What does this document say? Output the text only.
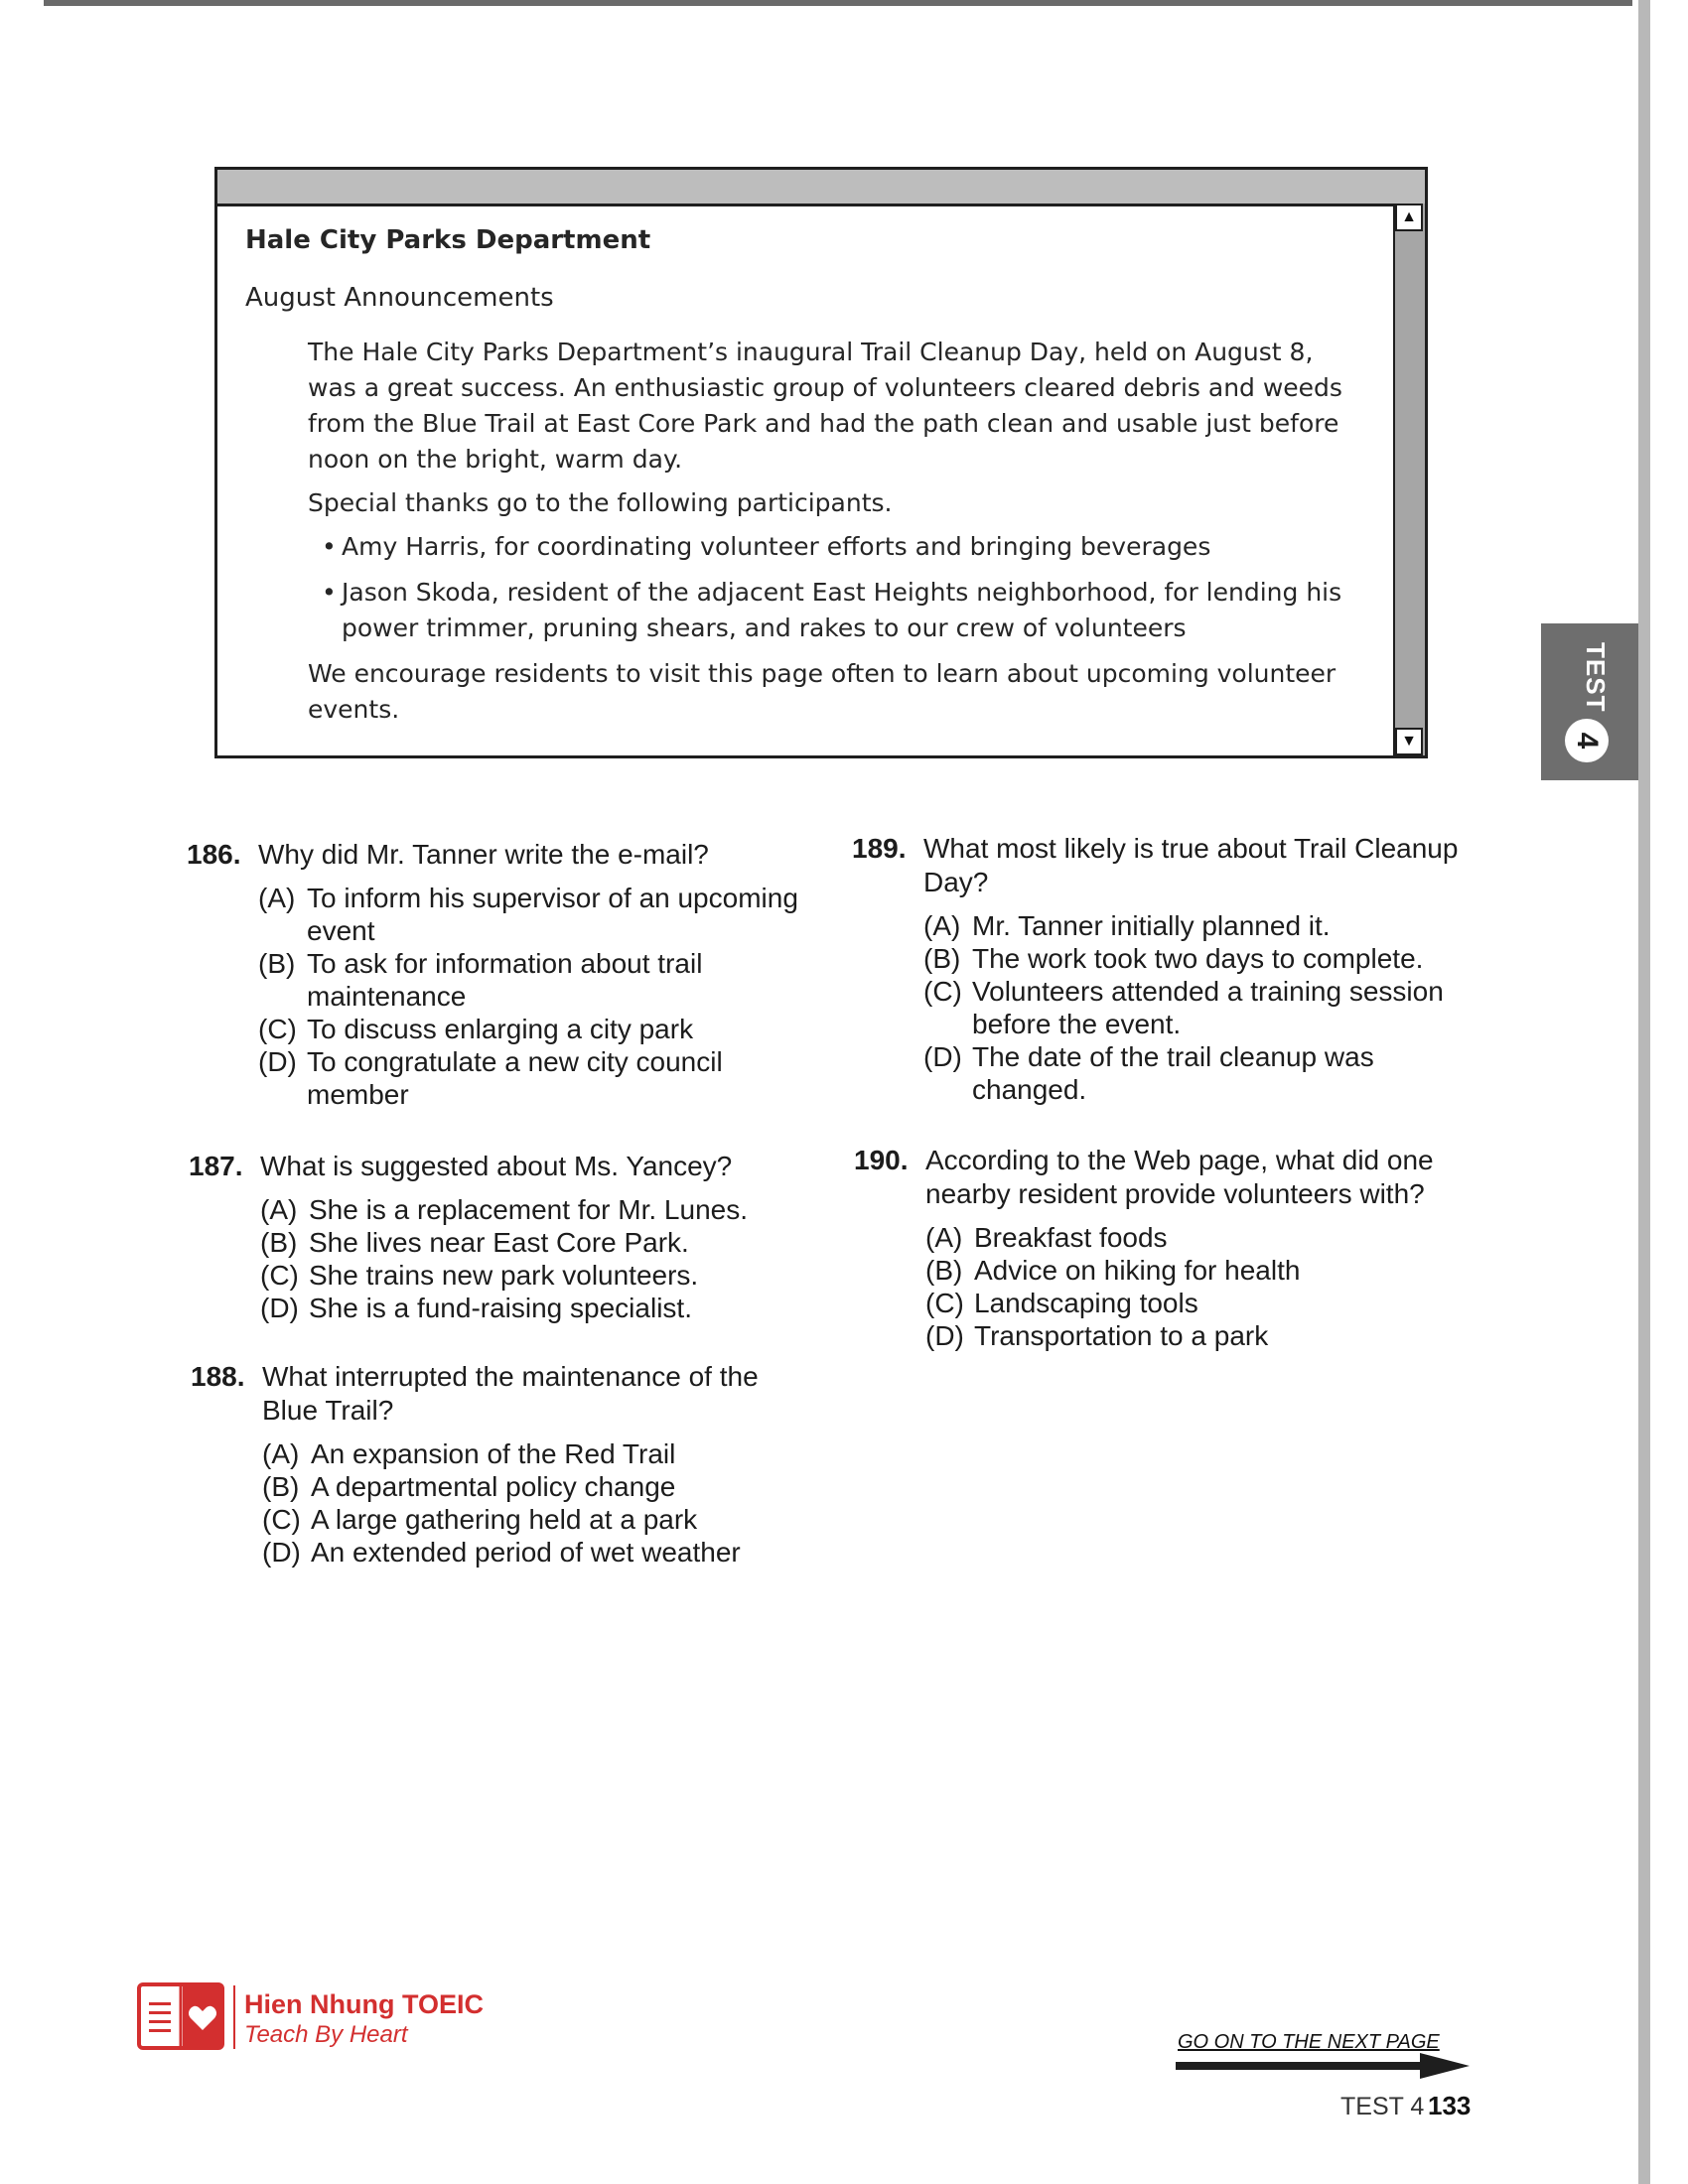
▲
▼
Hale City Parks Department
August Announcements

The Hale City Parks Department’s inaugural Trail Cleanup Day, held on August 8, was a great success. An enthusiastic group of volunteers cleared debris and weeds from the Blue Trail at East Core Park and had the path clean and usable just before noon on the bright, warm day.

Special thanks go to the following participants.

• Amy Harris, for coordinating volunteer efforts and bringing beverages
• Jason Skoda, resident of the adjacent East Heights neighborhood, for lending his power trimmer, pruning shears, and rakes to our crew of volunteers

We encourage residents to visit this page often to learn about upcoming volunteer events.	TEST
4
186. Why did Mr. Tanner write the e-mail?
(A) To inform his supervisor of an upcoming event
(B) To ask for information about trail maintenance
(C) To discuss enlarging a city park
(D) To congratulate a new city council member
187. What is suggested about Ms. Yancey?
(A) She is a replacement for Mr. Lunes.
(B) She lives near East Core Park.
(C) She trains new park volunteers.
(D) She is a fund-raising specialist.
188. What interrupted the maintenance of the Blue Trail?
(A) An expansion of the Red Trail
(B) A departmental policy change
(C) A large gathering held at a park
(D) An extended period of wet weather
189. What most likely is true about Trail Cleanup Day?
(A) Mr. Tanner initially planned it.
(B) The work took two days to complete.
(C) Volunteers attended a training session before the event.
(D) The date of the trail cleanup was changed.
190. According to the Web page, what did one nearby resident provide volunteers with?
(A) Breakfast foods
(B) Advice on hiking for health
(C) Landscaping tools
(D) Transportation to a park
Hien Nhung TOEIC
Teach By Heart	GO ON TO THE NEXT PAGE
TEST 4 133
